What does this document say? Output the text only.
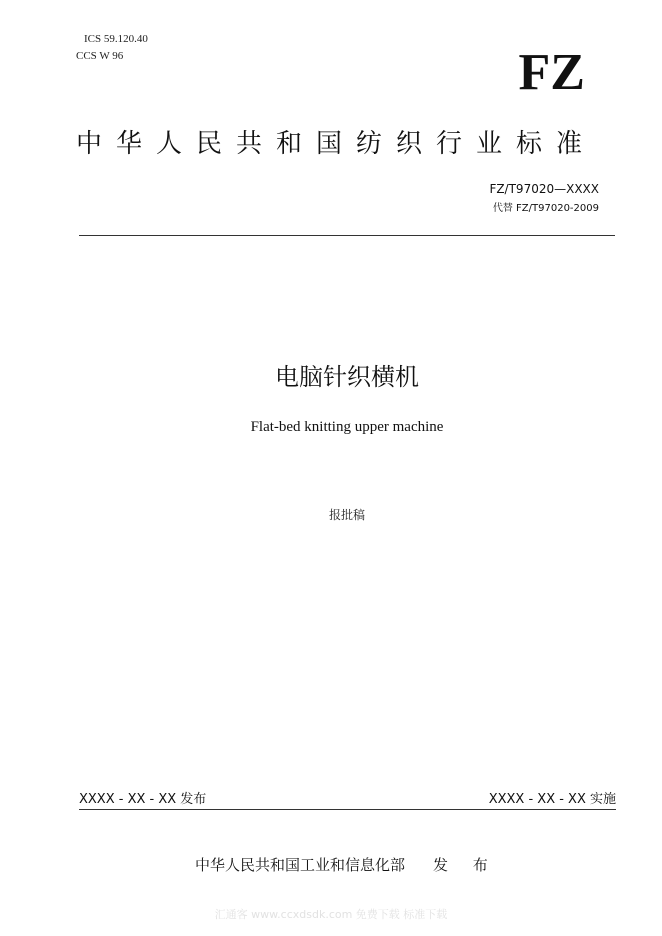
ICS 59.120.40
CCS W 96	FZ
中华人民共和国纺织行业标准
FZ/T97020—XXXX
代替 FZ/T97020-2009
电脑针织横机
Flat-bed knitting upper machine
报批稿
XXXX - XX - XX 发布	XXXX - XX - XX 实施
中华人民共和国工业和信息化部 发 布
汇通客 www.ccxdsdk.com 免费下载 标准下载
